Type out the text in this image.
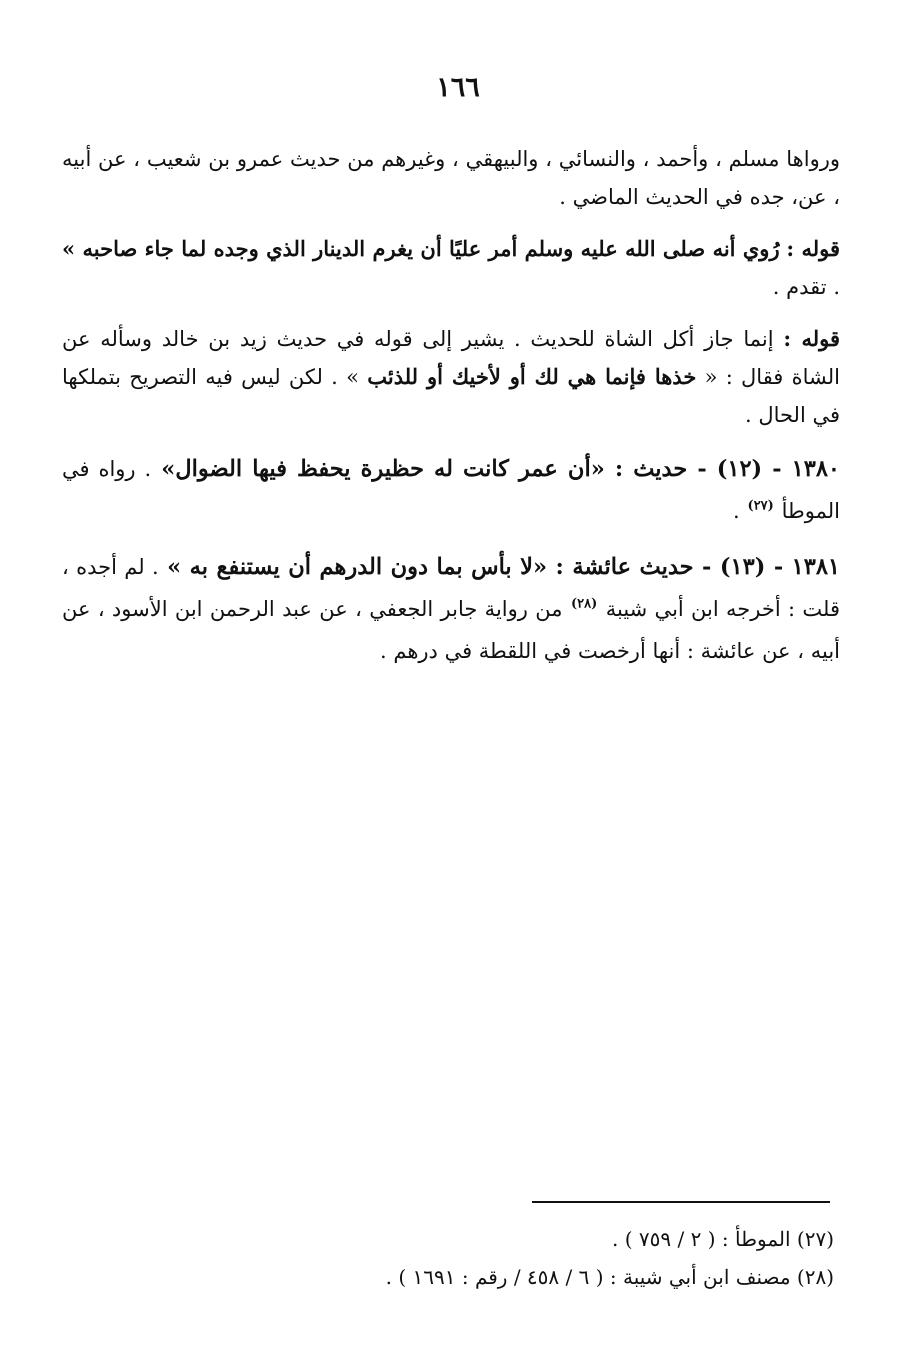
١٦٦

ورواها مسلم ، وأحمد ، والنسائي ، والبيهقي ، وغيرهم من حديث عمرو بن شعيب ، عن أبيه ، عن، جده في الحديث الماضي .

قوله : رُوي أنه صلى الله عليه وسلم أمر عليًا أن يغرم الدينار الذي وجده لما جاء صاحبه » . تقدم .

قوله : إنما جاز أكل الشاة للحديث . يشير إلى قوله في حديث زيد بن خالد وسأله عن الشاة فقال : « خذها فإنما هي لك أو لأخيك أو للذئب » . لكن ليس فيه التصريح بتملكها في الحال .

١٣٨٠ - (١٢) - حديث : «أن عمر كانت له حظيرة يحفظ فيها الضوال» . رواه في الموطأ $^{(٢٧)}$ .

١٣٨١ - (١٣) - حديث عائشة : «لا بأس بما دون الدرهم أن يستنفع به » . لم أجده ، قلت : أخرجه ابن أبي شيبة $^{(٢٨)}$ من رواية جابر الجعفي ، عن عبد الرحمن ابن الأسود ، عن أبيه ، عن عائشة : أنها أرخصت في اللقطة في درهم .

(٢٧) الموطأ : ( ٢ / ٧٥٩ ) .

(٢٨) مصنف ابن أبي شيبة : ( ٦ / ٤٥٨ / رقم : ١٦٩١ ) .
